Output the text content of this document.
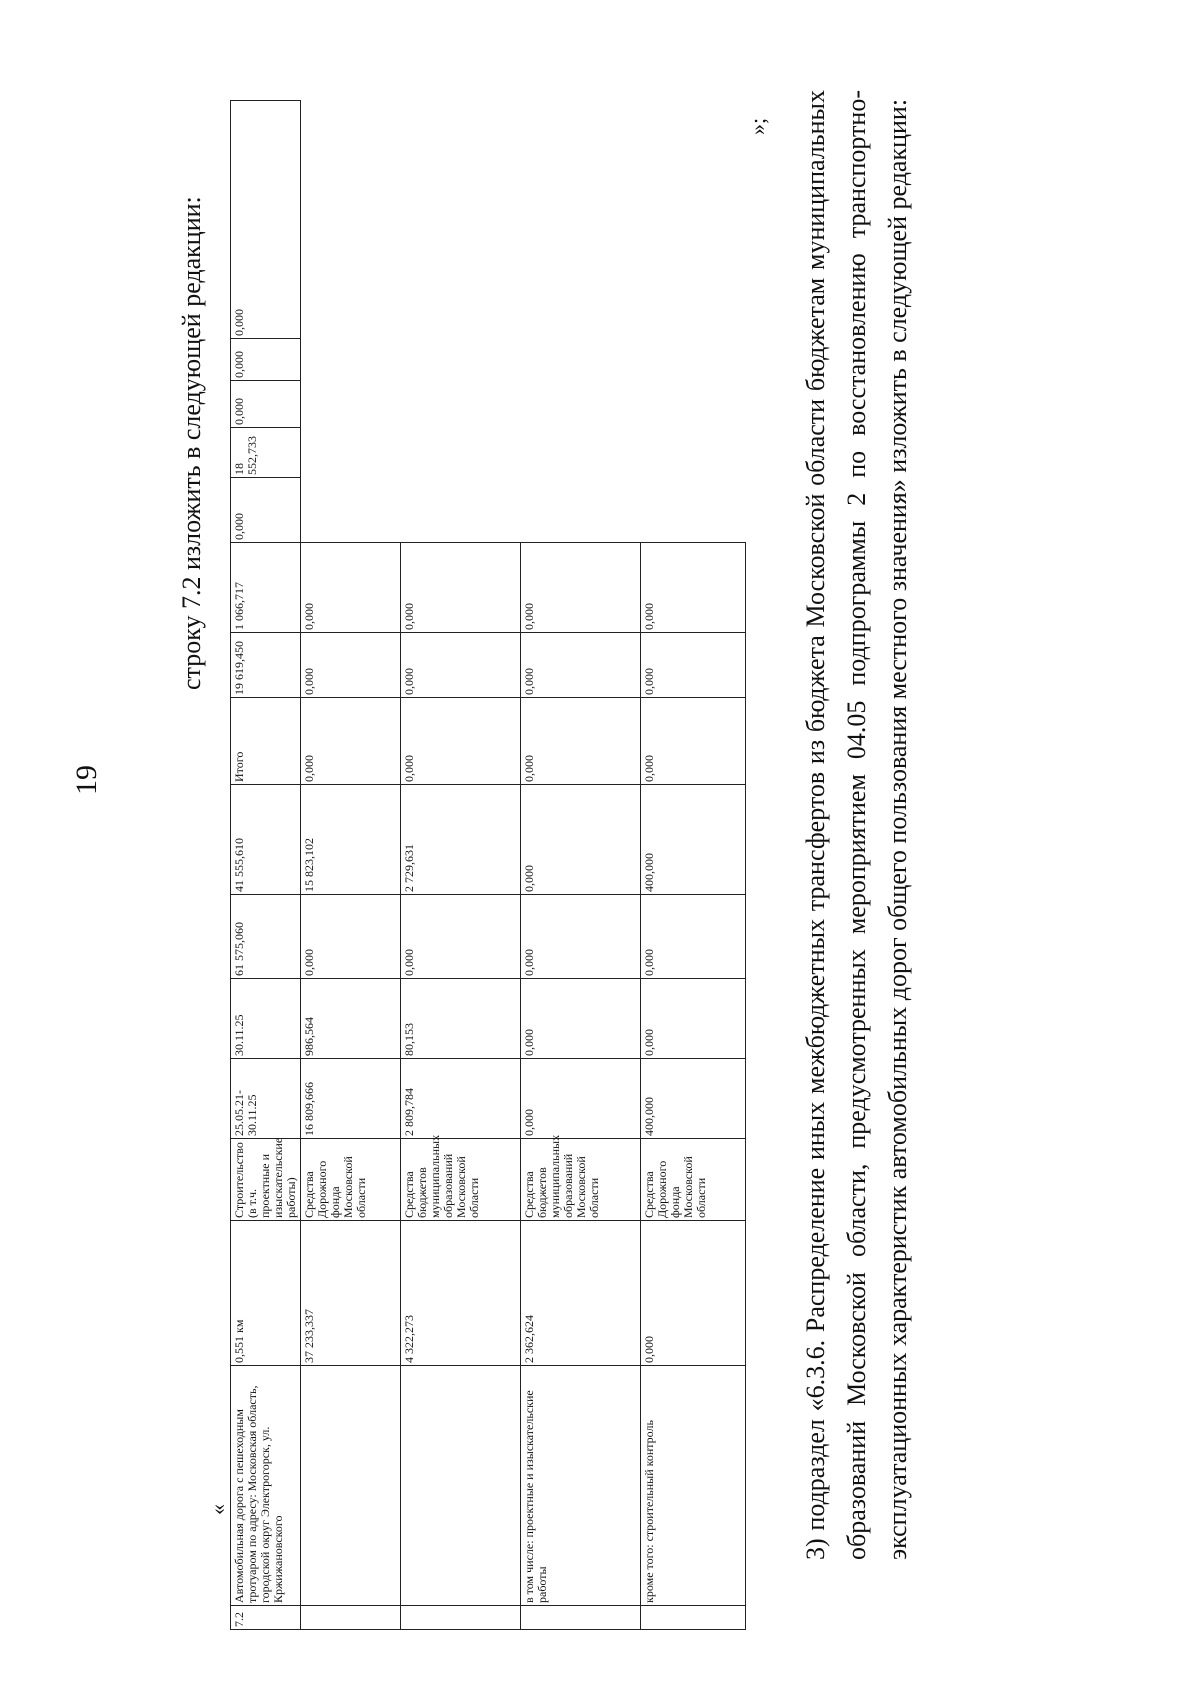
строку 7.2 изложить в следующей редакции:
«
19
7.2	Автомобильная дорога с пешеходным тротуаром по адресу: Московская область, городской округ Электрогорск, ул. Кржижановского	0,551 км	Строительство (в т.ч. проектные и изыскательские работы)	25.05.21-30.11.25	30.11.25	61 575,060	41 555,610	Итого	19 619,450	1 066,717	0,000	18 552,733	0,000	0,000	0,000
		37 233,337	Средства Дорожного фонда Московской области	16 809,666	986,564	0,000	15 823,102	0,000	0,000	0,000					
		4 322,273	Средства бюджетов муниципальных образований Московской области	2 809,784	80,153	0,000	2 729,631	0,000	0,000	0,000					
	в том числе: проектные и изыскательские работы	2 362,624	Средства бюджетов муниципальных образований Московской области	0,000	0,000	0,000	0,000	0,000	0,000	0,000					
	кроме того: строительный контроль	0,000	Средства Дорожного фонда Московской области	400,000	0,000	0,000	400,000	0,000	0,000	0,000						3) подраздел «6.3.6. Распределение иных межбюджетных трансфертов из бюджета Московской области бюджетам муниципальных образований Московской области, предусмотренных мероприятием 04.05 подпрограммы 2 по восстановлению транспортно-эксплуатационных характеристик автомобильных дорог общего пользования местного значения» изложить в следующей редакции:
»;
